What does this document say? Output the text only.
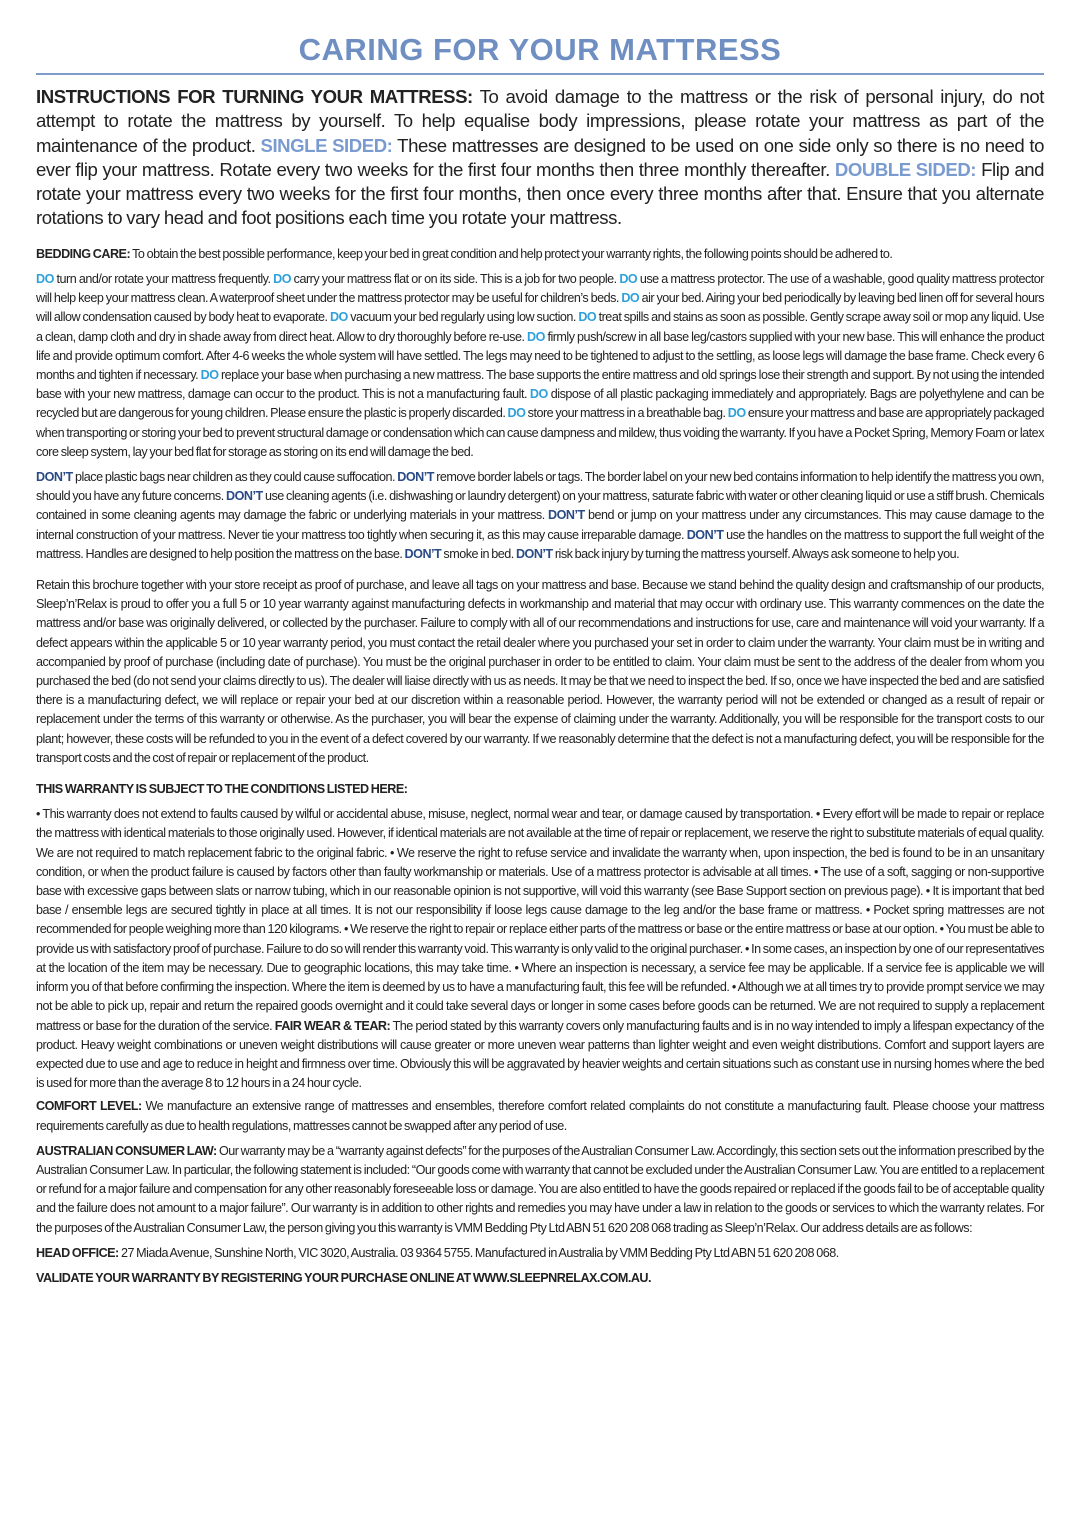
CARING FOR YOUR MATTRESS

INSTRUCTIONS FOR TURNING YOUR MATTRESS: To avoid damage to the mattress or the risk of personal injury, do not attempt to rotate the mattress by yourself. To help equalise body impressions, please rotate your mattress as part of the maintenance of the product. SINGLE SIDED: These mattresses are designed to be used on one side only so there is no need to ever flip your mattress. Rotate every two weeks for the first four months then three monthly thereafter. DOUBLE SIDED: Flip and rotate your mattress every two weeks for the first four months, then once every three months after that. Ensure that you alternate rotations to vary head and foot positions each time you rotate your mattress.

BEDDING CARE: To obtain the best possible performance, keep your bed in great condition and help protect your warranty rights, the following points should be adhered to.

DO turn and/or rotate your mattress frequently. DO carry your mattress flat or on its side. This is a job for two people. DO use a mattress protector. The use of a washable, good quality mattress protector will help keep your mattress clean. A waterproof sheet under the mattress protector may be useful for children’s beds. DO air your bed. Airing your bed periodically by leaving bed linen off for several hours will allow condensation caused by body heat to evaporate. DO vacuum your bed regularly using low suction. DO treat spills and stains as soon as possible. Gently scrape away soil or mop any liquid. Use a clean, damp cloth and dry in shade away from direct heat. Allow to dry thoroughly before re-use. DO firmly push/screw in all base leg/castors supplied with your new base. This will enhance the product life and provide optimum comfort. After 4-6 weeks the whole system will have settled. The legs may need to be tightened to adjust to the settling, as loose legs will damage the base frame. Check every 6 months and tighten if necessary. DO replace your base when purchasing a new mattress. The base supports the entire mattress and old springs lose their strength and support. By not using the intended base with your new mattress, damage can occur to the product. This is not a manufacturing fault. DO dispose of all plastic packaging immediately and appropriately. Bags are polyethylene and can be recycled but are dangerous for young children. Please ensure the plastic is properly discarded. DO store your mattress in a breathable bag. DO ensure your mattress and base are appropriately packaged when transporting or storing your bed to prevent structural damage or condensation which can cause dampness and mildew, thus voiding the warranty. If you have a Pocket Spring, Memory Foam or latex core sleep system, lay your bed flat for storage as storing on its end will damage the bed.

DON’T place plastic bags near children as they could cause suffocation. DON’T remove border labels or tags. The border label on your new bed contains information to help identify the mattress you own, should you have any future concerns. DON’T use cleaning agents (i.e. dishwashing or laundry detergent) on your mattress, saturate fabric with water or other cleaning liquid or use a stiff brush. Chemicals contained in some cleaning agents may damage the fabric or underlying materials in your mattress. DON’T bend or jump on your mattress under any circumstances. This may cause damage to the internal construction of your mattress. Never tie your mattress too tightly when securing it, as this may cause irreparable damage. DON’T use the handles on the mattress to support the full weight of the mattress. Handles are designed to help position the mattress on the base. DON’T smoke in bed. DON’T risk back injury by turning the mattress yourself. Always ask someone to help you.

Retain this brochure together with your store receipt as proof of purchase, and leave all tags on your mattress and base. Because we stand behind the quality design and craftsmanship of our products, Sleep’n’Relax is proud to offer you a full 5 or 10 year warranty against manufacturing defects in workmanship and material that may occur with ordinary use. This warranty commences on the date the mattress and/or base was originally delivered, or collected by the purchaser. Failure to comply with all of our recommendations and instructions for use, care and maintenance will void your warranty. If a defect appears within the applicable 5 or 10 year warranty period, you must contact the retail dealer where you purchased your set in order to claim under the warranty. Your claim must be in writing and accompanied by proof of purchase (including date of purchase). You must be the original purchaser in order to be entitled to claim. Your claim must be sent to the address of the dealer from whom you purchased the bed (do not send your claims directly to us). The dealer will liaise directly with us as needs. It may be that we need to inspect the bed. If so, once we have inspected the bed and are satisfied there is a manufacturing defect, we will replace or repair your bed at our discretion within a reasonable period. However, the warranty period will not be extended or changed as a result of repair or replacement under the terms of this warranty or otherwise. As the purchaser, you will bear the expense of claiming under the warranty. Additionally, you will be responsible for the transport costs to our plant; however, these costs will be refunded to you in the event of a defect covered by our warranty. If we reasonably determine that the defect is not a manufacturing defect, you will be responsible for the transport costs and the cost of repair or replacement of the product.

THIS WARRANTY IS SUBJECT TO THE CONDITIONS LISTED HERE:

• This warranty does not extend to faults caused by wilful or accidental abuse, misuse, neglect, normal wear and tear, or damage caused by transportation. • Every effort will be made to repair or replace the mattress with identical materials to those originally used. However, if identical materials are not available at the time of repair or replacement, we reserve the right to substitute materials of equal quality. We are not required to match replacement fabric to the original fabric. • We reserve the right to refuse service and invalidate the warranty when, upon inspection, the bed is found to be in an unsanitary condition, or when the product failure is caused by factors other than faulty workmanship or materials. Use of a mattress protector is advisable at all times. • The use of a soft, sagging or non-supportive base with excessive gaps between slats or narrow tubing, which in our reasonable opinion is not supportive, will void this warranty (see Base Support section on previous page). • It is important that bed base / ensemble legs are secured tightly in place at all times. It is not our responsibility if loose legs cause damage to the leg and/or the base frame or mattress. • Pocket spring mattresses are not recommended for people weighing more than 120 kilograms. • We reserve the right to repair or replace either parts of the mattress or base or the entire mattress or base at our option. • You must be able to provide us with satisfactory proof of purchase. Failure to do so will render this warranty void. This warranty is only valid to the original purchaser. • In some cases, an inspection by one of our representatives at the location of the item may be necessary. Due to geographic locations, this may take time. • Where an inspection is necessary, a service fee may be applicable. If a service fee is applicable we will inform you of that before confirming the inspection. Where the item is deemed by us to have a manufacturing fault, this fee will be refunded. • Although we at all times try to provide prompt service we may not be able to pick up, repair and return the repaired goods overnight and it could take several days or longer in some cases before goods can be returned. We are not required to supply a replacement mattress or base for the duration of the service. FAIR WEAR & TEAR: The period stated by this warranty covers only manufacturing faults and is in no way intended to imply a lifespan expectancy of the product. Heavy weight combinations or uneven weight distributions will cause greater or more uneven wear patterns than lighter weight and even weight distributions. Comfort and support layers are expected due to use and age to reduce in height and firmness over time. Obviously this will be aggravated by heavier weights and certain situations such as constant use in nursing homes where the bed is used for more than the average 8 to 12 hours in a 24 hour cycle.

COMFORT LEVEL: We manufacture an extensive range of mattresses and ensembles, therefore comfort related complaints do not constitute a manufacturing fault. Please choose your mattress requirements carefully as due to health regulations, mattresses cannot be swapped after any period of use.

AUSTRALIAN CONSUMER LAW: Our warranty may be a “warranty against defects” for the purposes of the Australian Consumer Law. Accordingly, this section sets out the information prescribed by the Australian Consumer Law. In particular, the following statement is included: “Our goods come with warranty that cannot be excluded under the Australian Consumer Law. You are entitled to a replacement or refund for a major failure and compensation for any other reasonably foreseeable loss or damage. You are also entitled to have the goods repaired or replaced if the goods fail to be of acceptable quality and the failure does not amount to a major failure”. Our warranty is in addition to other rights and remedies you may have under a law in relation to the goods or services to which the warranty relates. For the purposes of the Australian Consumer Law, the person giving you this warranty is VMM Bedding Pty Ltd ABN 51 620 208 068 trading as Sleep’n’Relax. Our address details are as follows:

HEAD OFFICE: 27 Miada Avenue, Sunshine North, VIC 3020, Australia. 03 9364 5755. Manufactured in Australia by VMM Bedding Pty Ltd ABN 51 620 208 068.

VALIDATE YOUR WARRANTY BY REGISTERING YOUR PURCHASE ONLINE AT WWW.SLEEPNRELAX.COM.AU.
